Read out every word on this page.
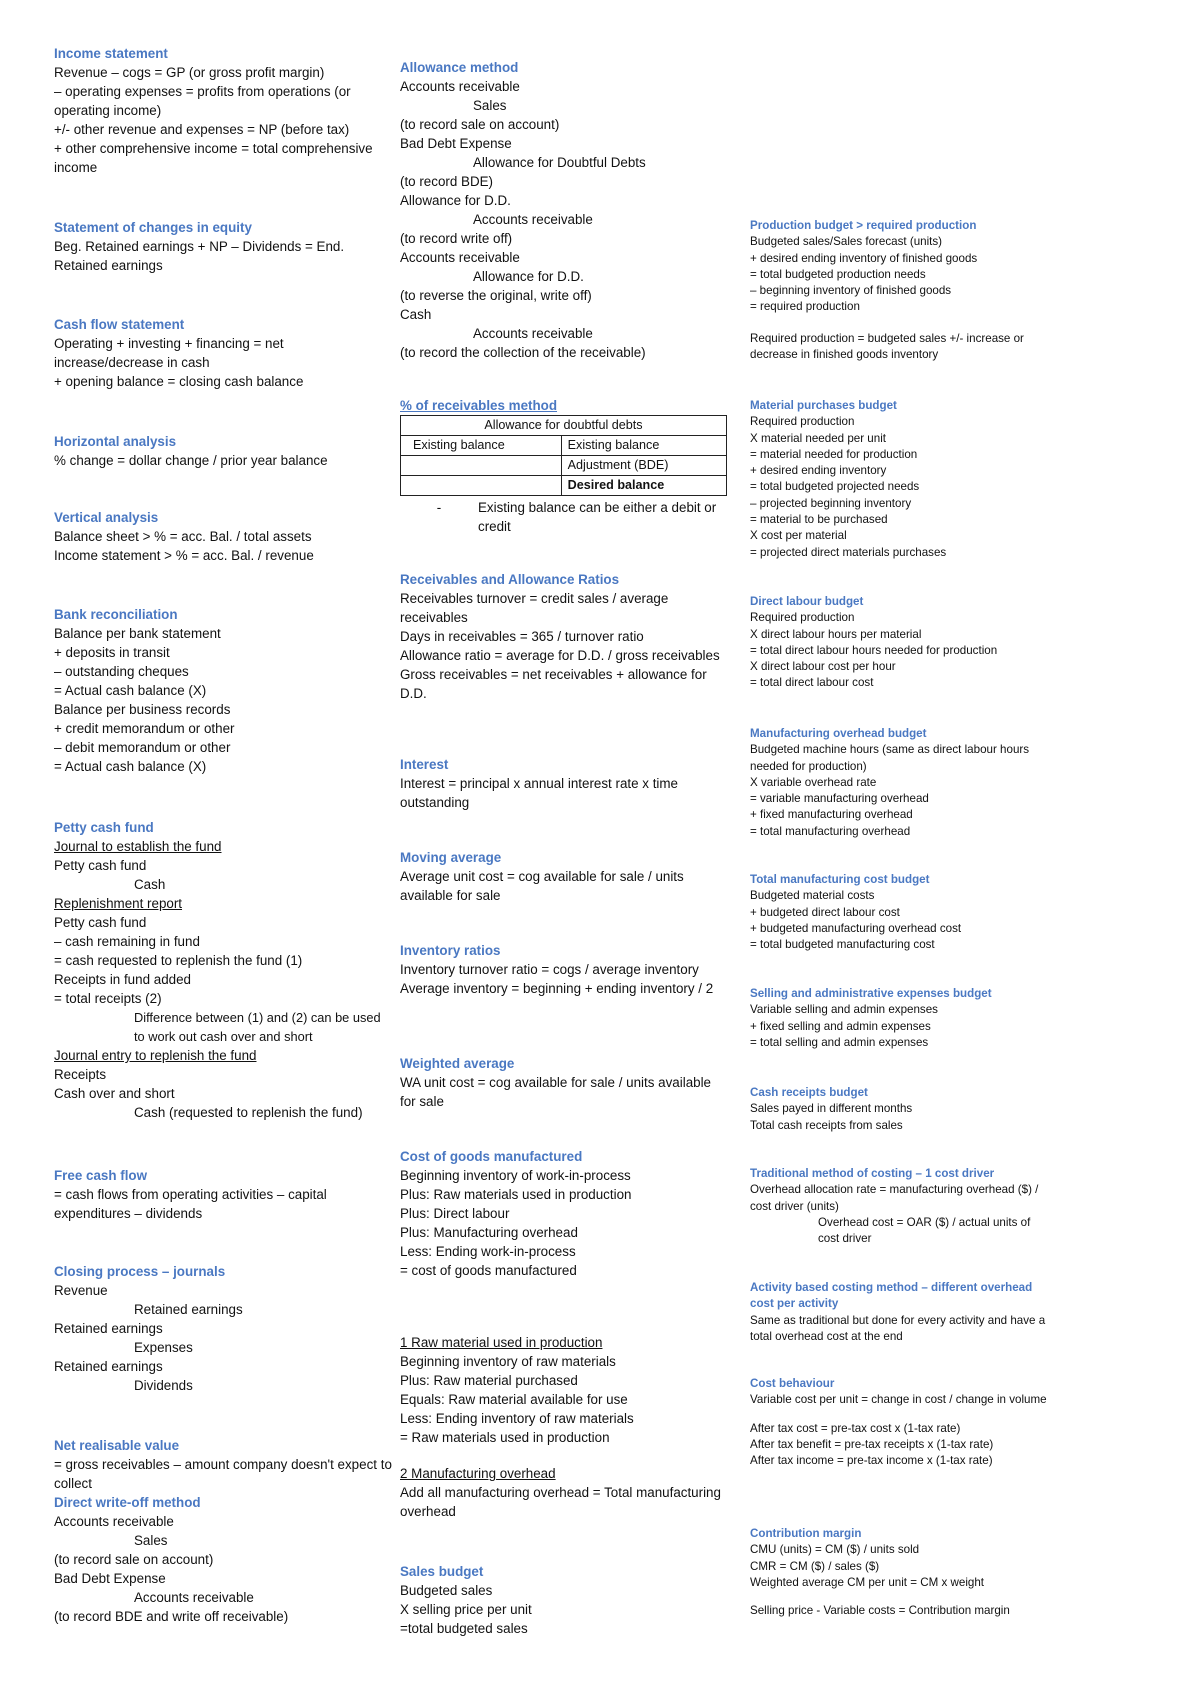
Income statement
Revenue – cogs = GP (or gross profit margin)
– operating expenses = profits from operations (or operating income)
+/- other revenue and expenses = NP (before tax)
+ other comprehensive income = total comprehensive income
Statement of changes in equity
Beg. Retained earnings + NP – Dividends = End. Retained earnings
Cash flow statement
Operating + investing + financing = net increase/decrease in cash
+ opening balance = closing cash balance
Horizontal analysis
% change = dollar change / prior year balance
Vertical analysis
Balance sheet > % = acc. Bal. / total assets
Income statement > % = acc. Bal. / revenue
Bank reconciliation
Balance per bank statement
+ deposits in transit
– outstanding cheques
= Actual cash balance (X)
Balance per business records
+ credit memorandum or other
– debit memorandum or other
= Actual cash balance (X)
Petty cash fund
Journal to establish the fund
Petty cash fund
Cash
Replenishment report
Petty cash fund
– cash remaining in fund
= cash requested to replenish the fund (1)
Receipts in fund added
= total receipts (2)
Difference between (1) and (2) can be used to work out cash over and short
Journal entry to replenish the fund
Receipts
Cash over and short
Cash (requested to replenish the fund)
Free cash flow
= cash flows from operating activities – capital expenditures – dividends
Closing process – journals
Revenue
Retained earnings
Retained earnings
Expenses
Retained earnings
Dividends
Net realisable value
= gross receivables – amount company doesn't expect to collect
Direct write-off method
Accounts receivable
Sales
(to record sale on account)
Bad Debt Expense
Accounts receivable
(to record BDE and write off receivable)
Allowance method
Accounts receivable
Sales
(to record sale on account)
Bad Debt Expense
Allowance for Doubtful Debts
(to record BDE)
Allowance for D.D.
Accounts receivable
(to record write off)
Accounts receivable
Allowance for D.D.
(to reverse the original, write off)
Cash
Accounts receivable
(to record the collection of the receivable)
% of receivables method
Allowance for doubtful debts	
Existing balance	Existing balance
	Adjustment (BDE)
	Desired balance
-	Existing balance can be either a debit or credit
Receivables and Allowance Ratios
Receivables turnover = credit sales / average receivables
Days in receivables = 365 / turnover ratio
Allowance ratio = average for D.D. / gross receivables
Gross receivables = net receivables + allowance for D.D.
Interest
Interest = principal x annual interest rate x time outstanding
Moving average
Average unit cost = cog available for sale / units available for sale
Inventory ratios
Inventory turnover ratio = cogs / average inventory
Average inventory = beginning + ending inventory / 2
Weighted average
WA unit cost = cog available for sale / units available for sale
Cost of goods manufactured
Beginning inventory of work-in-process
Plus: Raw materials used in production
Plus: Direct labour
Plus: Manufacturing overhead
Less: Ending work-in-process
= cost of goods manufactured
1 Raw material used in production
Beginning inventory of raw materials
Plus: Raw material purchased
Equals: Raw material available for use
Less: Ending inventory of raw materials
= Raw materials used in production
2 Manufacturing overhead
Add all manufacturing overhead = Total manufacturing overhead
Sales budget
Budgeted sales
X selling price per unit
=total budgeted sales
Production budget > required production
Budgeted sales/Sales forecast (units)
+ desired ending inventory of finished goods
= total budgeted production needs
– beginning inventory of finished goods
= required production
Required production = budgeted sales +/- increase or decrease in finished goods inventory
Material purchases budget
Required production
X material needed per unit
= material needed for production
+ desired ending inventory
= total budgeted projected needs
– projected beginning inventory
= material to be purchased
X cost per material
= projected direct materials purchases
Direct labour budget
Required production
X direct labour hours per material
= total direct labour hours needed for production
X direct labour cost per hour
= total direct labour cost
Manufacturing overhead budget
Budgeted machine hours (same as direct labour hours needed for production)
X variable overhead rate
= variable manufacturing overhead
+ fixed manufacturing overhead
= total manufacturing overhead
Total manufacturing cost budget
Budgeted material costs
+ budgeted direct labour cost
+ budgeted manufacturing overhead cost
= total budgeted manufacturing cost
Selling and administrative expenses budget
Variable selling and admin expenses
+ fixed selling and admin expenses
= total selling and admin expenses
Cash receipts budget
Sales payed in different months
Total cash receipts from sales
Traditional method of costing – 1 cost driver
Overhead allocation rate = manufacturing overhead ($) / cost driver (units)
Overhead cost = OAR ($) / actual units of cost driver
Activity based costing method – different overhead cost per activity
Same as traditional but done for every activity and have a total overhead cost at the end
Cost behaviour
Variable cost per unit = change in cost / change in volume
After tax cost = pre-tax cost x (1-tax rate)
After tax benefit = pre-tax receipts x (1-tax rate)
After tax income = pre-tax income x (1-tax rate)
Contribution margin
CMU (units) = CM ($) / units sold
CMR = CM ($) / sales ($)
Weighted average CM per unit = CM x weight
Selling price - Variable costs = Contribution margin
